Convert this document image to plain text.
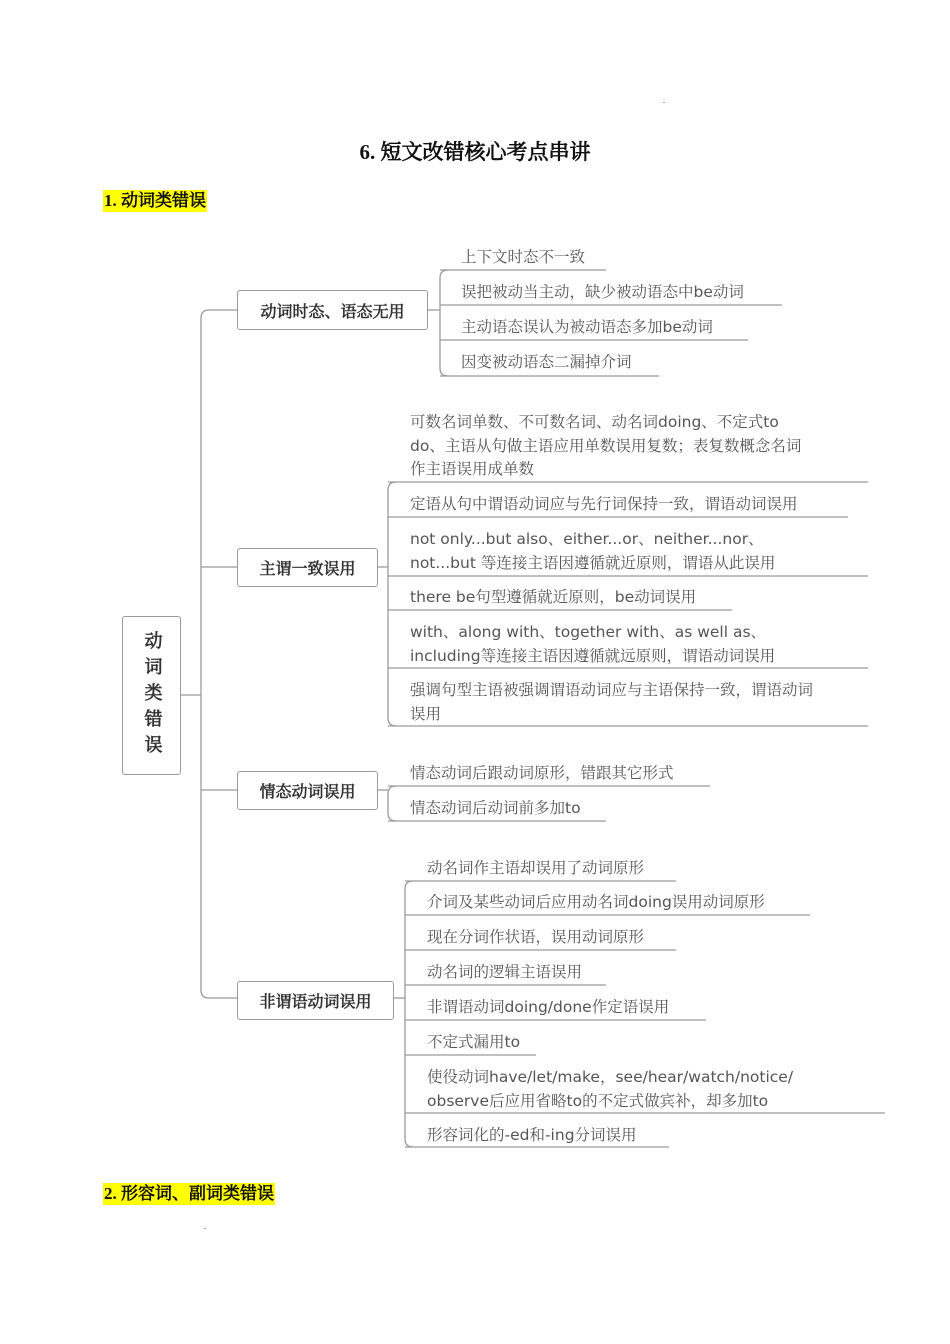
6. 短文改错核心考点串讲
1. 动词类错误
2. 形容词、副词类错误
动词类错误
动词时态、语态无用
主谓一致误用
情态动词误用
非谓语动词误用
上下文时态不一致
误把被动当主动，缺少被动语态中be动词
主动语态误认为被动语态多加be动词
因变被动语态二漏掉介词
可数名词单数、不可数名词、动名词doing、不定式to
do、主语从句做主语应用单数误用复数；表复数概念名词
作主语误用成单数
定语从句中谓语动词应与先行词保持一致，谓语动词误用
not only...but also、either...or、neither...nor、
not...but 等连接主语因遵循就近原则，谓语从此误用
there be句型遵循就近原则，be动词误用
with、along with、together with、as well as、
including等连接主语因遵循就远原则，谓语动词误用
强调句型主语被强调谓语动词应与主语保持一致，谓语动词
误用
情态动词后跟动词原形，错跟其它形式
情态动词后动词前多加to
动名词作主语却误用了动词原形
介词及某些动词后应用动名词doing误用动词原形
现在分词作状语，误用动词原形
动名词的逻辑主语误用
非谓语动词doing/done作定语误用
不定式漏用to
使役动词have/let/make，see/hear/watch/notice/
observe后应用省略to的不定式做宾补，却多加to
形容词化的-ed和-ing分词误用
